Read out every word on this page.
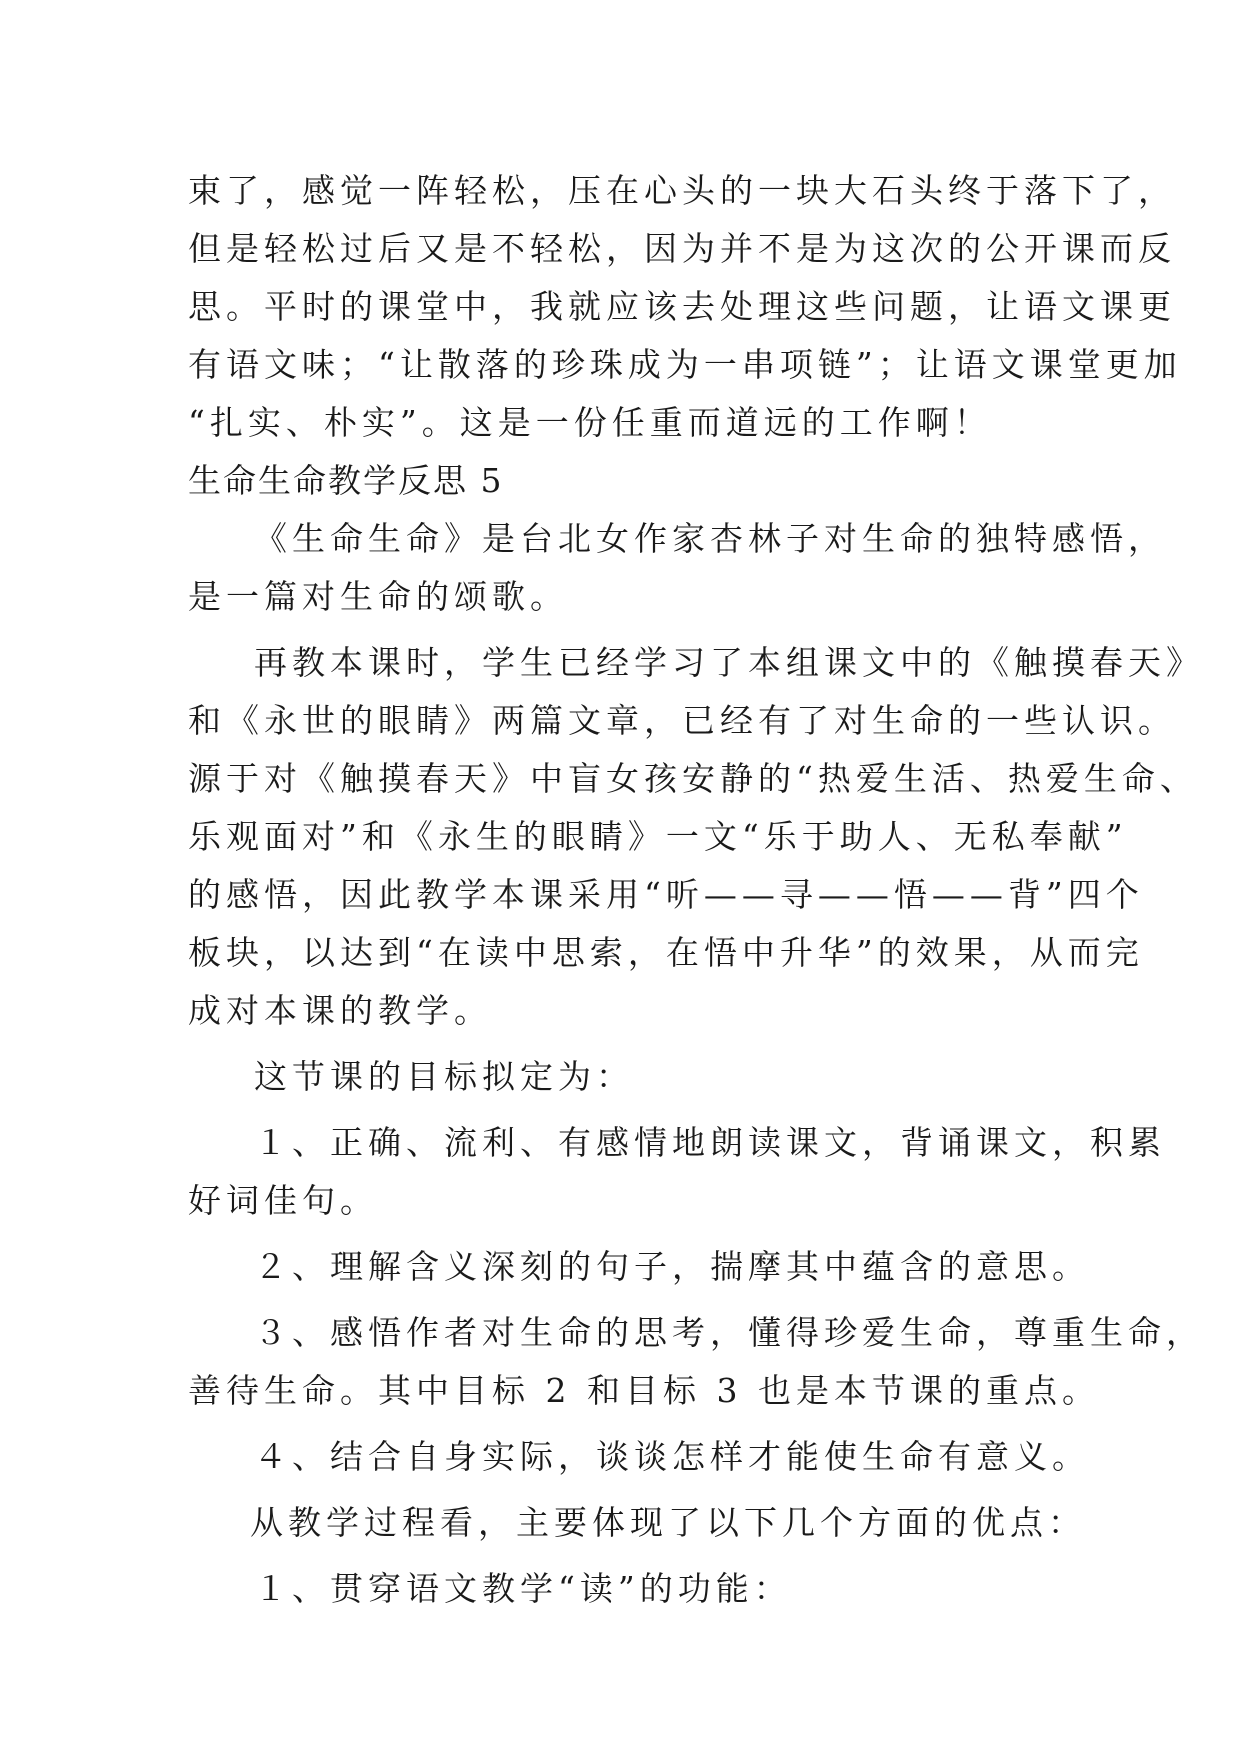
束了，感觉一阵轻松，压在心头的一块大石头终于落下了，
但是轻松过后又是不轻松，因为并不是为这次的公开课而反
思。平时的课堂中，我就应该去处理这些问题，让语文课更
有语文味；“让散落的珍珠成为一串项链”；让语文课堂更加
“扎实、朴实”。这是一份任重而道远的工作啊！
生命生命教学反思 5
《生命生命》是台北女作家杏林子对生命的独特感悟，
是一篇对生命的颂歌。
再教本课时，学生已经学习了本组课文中的《触摸春天》
和《永世的眼睛》两篇文章，已经有了对生命的一些认识。
源于对《触摸春天》中盲女孩安静的“热爱生活、热爱生命、
乐观面对”和《永生的眼睛》一文“乐于助人、无私奉献”
的感悟，因此教学本课采用“听——寻——悟——背”四个
板块，以达到“在读中思索，在悟中升华”的效果，从而完
成对本课的教学。
这节课的目标拟定为：
１、正确、流利、有感情地朗读课文，背诵课文，积累
好词佳句。
２、理解含义深刻的句子，揣摩其中蕴含的意思。
３、感悟作者对生命的思考，懂得珍爱生命，尊重生命，
善待生命。其中目标 2 和目标 3 也是本节课的重点。
４、结合自身实际，谈谈怎样才能使生命有意义。
从教学过程看，主要体现了以下几个方面的优点：
１、贯穿语文教学“读”的功能：
